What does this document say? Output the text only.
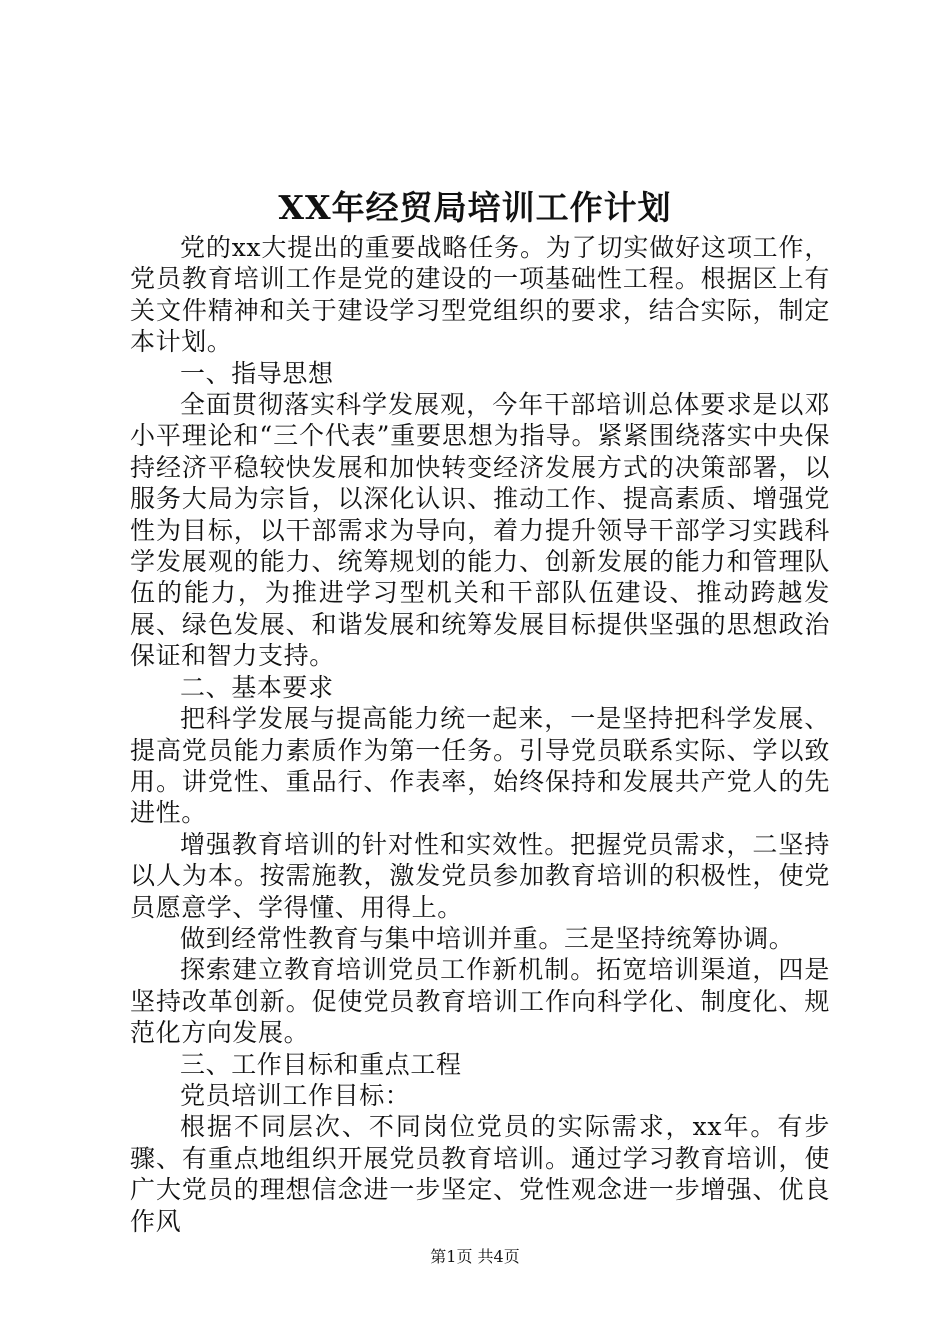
XX年经贸局培训工作计划

党的xx大提出的重要战略任务。为了切实做好这项工作，党员教育培训工作是党的建设的一项基础性工程。根据区上有关文件精神和关于建设学习型党组织的要求，结合实际，制定本计划。

一、指导思想

全面贯彻落实科学发展观，今年干部培训总体要求是以邓小平理论和“三个代表”重要思想为指导。紧紧围绕落实中央保持经济平稳较快发展和加快转变经济发展方式的决策部署，以服务大局为宗旨，以深化认识、推动工作、提高素质、增强党性为目标，以干部需求为导向，着力提升领导干部学习实践科学发展观的能力、统筹规划的能力、创新发展的能力和管理队伍的能力，为推进学习型机关和干部队伍建设、推动跨越发展、绿色发展、和谐发展和统筹发展目标提供坚强的思想政治保证和智力支持。

二、基本要求

把科学发展与提高能力统一起来，一是坚持把科学发展、提高党员能力素质作为第一任务。引导党员联系实际、学以致用。讲党性、重品行、作表率，始终保持和发展共产党人的先进性。

增强教育培训的针对性和实效性。把握党员需求，二坚持以人为本。按需施教，激发党员参加教育培训的积极性，使党员愿意学、学得懂、用得上。

做到经常性教育与集中培训并重。三是坚持统筹协调。

探索建立教育培训党员工作新机制。拓宽培训渠道，四是坚持改革创新。促使党员教育培训工作向科学化、制度化、规范化方向发展。

三、工作目标和重点工程

党员培训工作目标：

根据不同层次、不同岗位党员的实际需求，xx年。有步骤、有重点地组织开展党员教育培训。通过学习教育培训，使广大党员的理想信念进一步坚定、党性观念进一步增强、优良作风

第1页 共4页
